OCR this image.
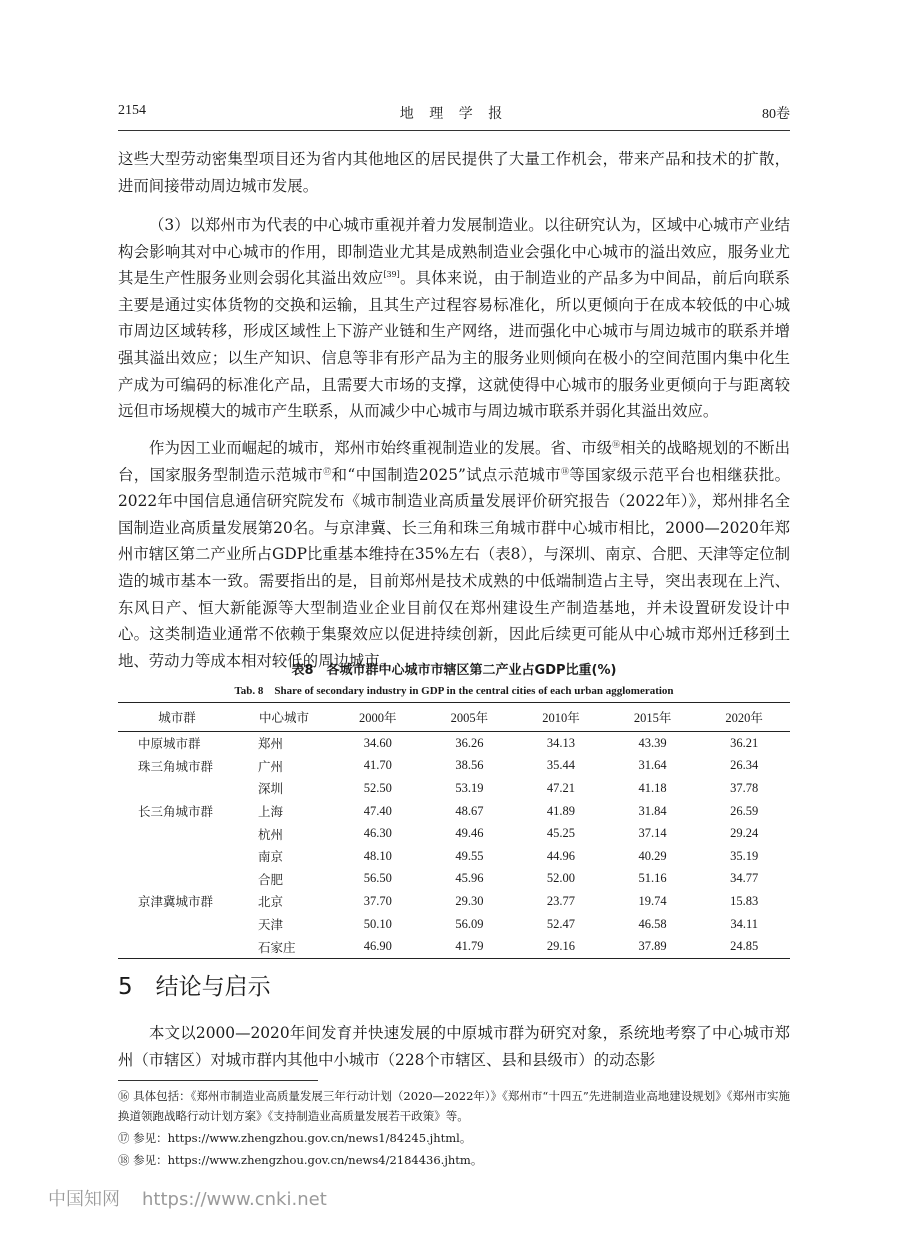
2154	地 理 学 报	80卷

这些大型劳动密集型项目还为省内其他地区的居民提供了大量工作机会，带来产品和技术的扩散，进而间接带动周边城市发展。

（3）以郑州市为代表的中心城市重视并着力发展制造业。以往研究认为，区域中心城市产业结构会影响其对中心城市的作用，即制造业尤其是成熟制造业会强化中心城市的溢出效应，服务业尤其是生产性服务业则会弱化其溢出效应[39]。具体来说，由于制造业的产品多为中间品，前后向联系主要是通过实体货物的交换和运输，且其生产过程容易标准化，所以更倾向于在成本较低的中心城市周边区域转移，形成区域性上下游产业链和生产网络，进而强化中心城市与周边城市的联系并增强其溢出效应；以生产知识、信息等非有形产品为主的服务业则倾向在极小的空间范围内集中化生产成为可编码的标准化产品，且需要大市场的支撑，这就使得中心城市的服务业更倾向于与距离较远但市场规模大的城市产生联系，从而减少中心城市与周边城市联系并弱化其溢出效应。

作为因工业而崛起的城市，郑州市始终重视制造业的发展。省、市级⑯相关的战略规划的不断出台，国家服务型制造示范城市⑰和“中国制造2025”试点示范城市⑱等国家级示范平台也相继获批。2022年中国信息通信研究院发布《城市制造业高质量发展评价研究报告（2022年）》，郑州排名全国制造业高质量发展第20名。与京津冀、长三角和珠三角城市群中心城市相比，2000—2020年郑州市辖区第二产业所占GDP比重基本维持在35%左右（表8），与深圳、南京、合肥、天津等定位制造的城市基本一致。需要指出的是，目前郑州是技术成熟的中低端制造占主导，突出表现在上汽、东风日产、恒大新能源等大型制造业企业目前仅在郑州建设生产制造基地，并未设置研发设计中心。这类制造业通常不依赖于集聚效应以促进持续创新，因此后续更可能从中心城市郑州迁移到土地、劳动力等成本相对较低的周边城市。

表8　各城市群中心城市市辖区第二产业占GDP比重(%)
Tab. 8　Share of secondary industry in GDP in the central cities of each urban agglomeration
城市群	中心城市	2000年	2005年	2010年	2015年	2020年
中原城市群	郑州	34.60	36.26	34.13	43.39	36.21
珠三角城市群	广州	41.70	38.56	35.44	31.64	26.34
	深圳	52.50	53.19	47.21	41.18	37.78
长三角城市群	上海	47.40	48.67	41.89	31.84	26.59
	杭州	46.30	49.46	45.25	37.14	29.24
	南京	48.10	49.55	44.96	40.29	35.19
	合肥	56.50	45.96	52.00	51.16	34.77
京津冀城市群	北京	37.70	29.30	23.77	19.74	15.83
	天津	50.10	56.09	52.47	46.58	34.11
	石家庄	46.90	41.79	29.16	37.89	24.85
5　结论与启示

本文以2000—2020年间发育并快速发展的中原城市群为研究对象，系统地考察了中心城市郑州（市辖区）对城市群内其他中小城市（228个市辖区、县和县级市）的动态影

⑯ 具体包括：《郑州市制造业高质量发展三年行动计划（2020—2022年）》《郑州市“十四五”先进制造业高地建设规划》《郑州市实施换道领跑战略行动计划方案》《支持制造业高质量发展若干政策》等。

⑰ 参见：https://www.zhengzhou.gov.cn/news1/84245.jhtml。

⑱ 参见：https://www.zhengzhou.gov.cn/news4/2184436.jhtm。

中国知网 https://www.cnki.net
